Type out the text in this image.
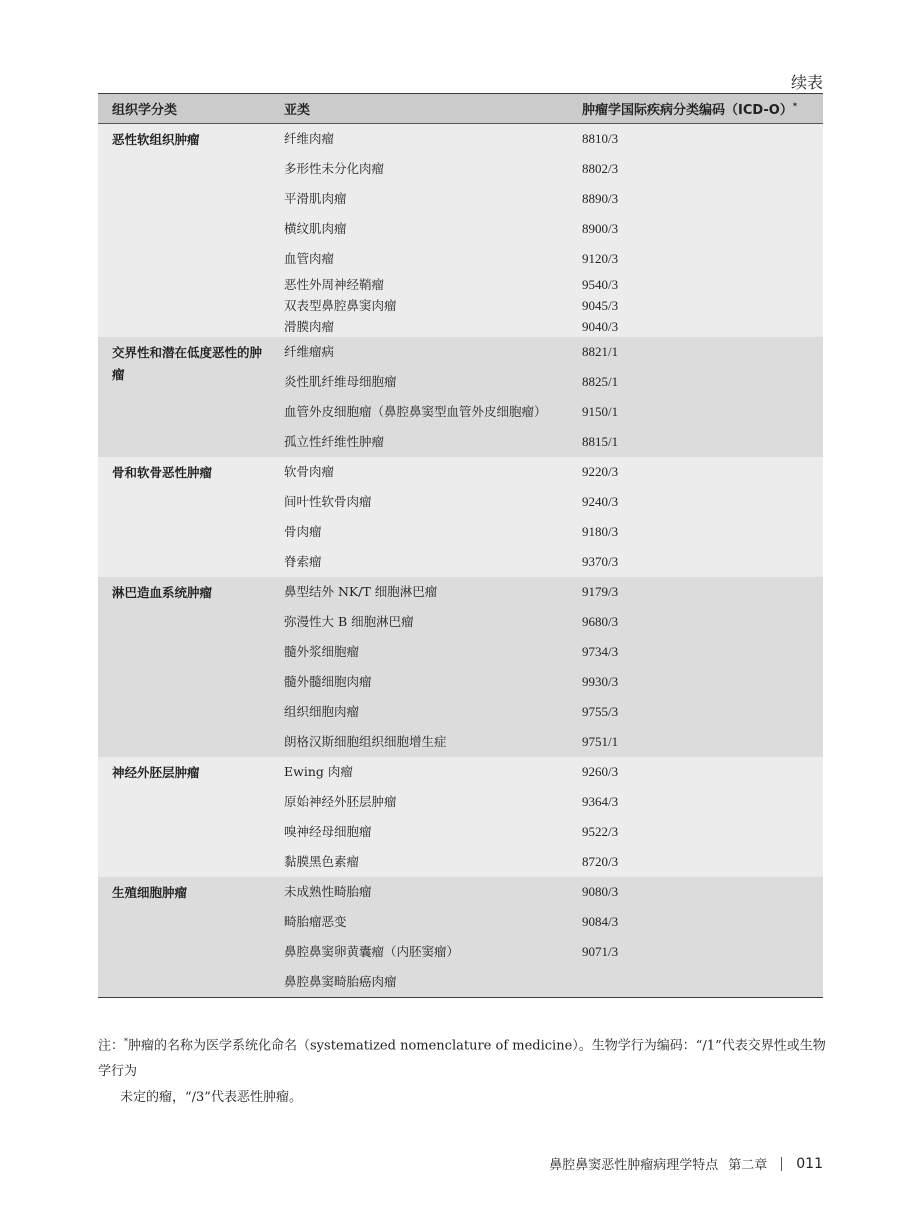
续表
组织学分类	亚类	肿瘤学国际疾病分类编码（ICD-O）*
恶性软组织肿瘤	纤维肉瘤	8810/3
	多形性未分化肉瘤	8802/3
	平滑肌肉瘤	8890/3
	横纹肌肉瘤	8900/3
	血管肉瘤	9120/3
	恶性外周神经鞘瘤	9540/3
	双表型鼻腔鼻窦肉瘤	9045/3
	滑膜肉瘤	9040/3
交界性和潜在低度恶性的肿瘤	纤维瘤病	8821/1
	炎性肌纤维母细胞瘤	8825/1
	血管外皮细胞瘤（鼻腔鼻窦型血管外皮细胞瘤）	9150/1
	孤立性纤维性肿瘤	8815/1
骨和软骨恶性肿瘤	软骨肉瘤	9220/3
	间叶性软骨肉瘤	9240/3
	骨肉瘤	9180/3
	脊索瘤	9370/3
淋巴造血系统肿瘤	鼻型结外 NK/T 细胞淋巴瘤	9179/3
	弥漫性大 B 细胞淋巴瘤	9680/3
	髓外浆细胞瘤	9734/3
	髓外髓细胞肉瘤	9930/3
	组织细胞肉瘤	9755/3
	朗格汉斯细胞组织细胞增生症	9751/1
神经外胚层肿瘤	Ewing 肉瘤	9260/3
	原始神经外胚层肿瘤	9364/3
	嗅神经母细胞瘤	9522/3
	黏膜黑色素瘤	8720/3
生殖细胞肿瘤	未成熟性畸胎瘤	9080/3
	畸胎瘤恶变	9084/3
	鼻腔鼻窦卵黄囊瘤（内胚窦瘤）	9071/3
	鼻腔鼻窦畸胎癌肉瘤	
注：*肿瘤的名称为医学系统化命名（systematized nomenclature of medicine）。生物学行为编码：“/1”代表交界性或生物学行为
未定的瘤，“/3”代表恶性肿瘤。
鼻腔鼻窦恶性肿瘤病理学特点 第二章 011
